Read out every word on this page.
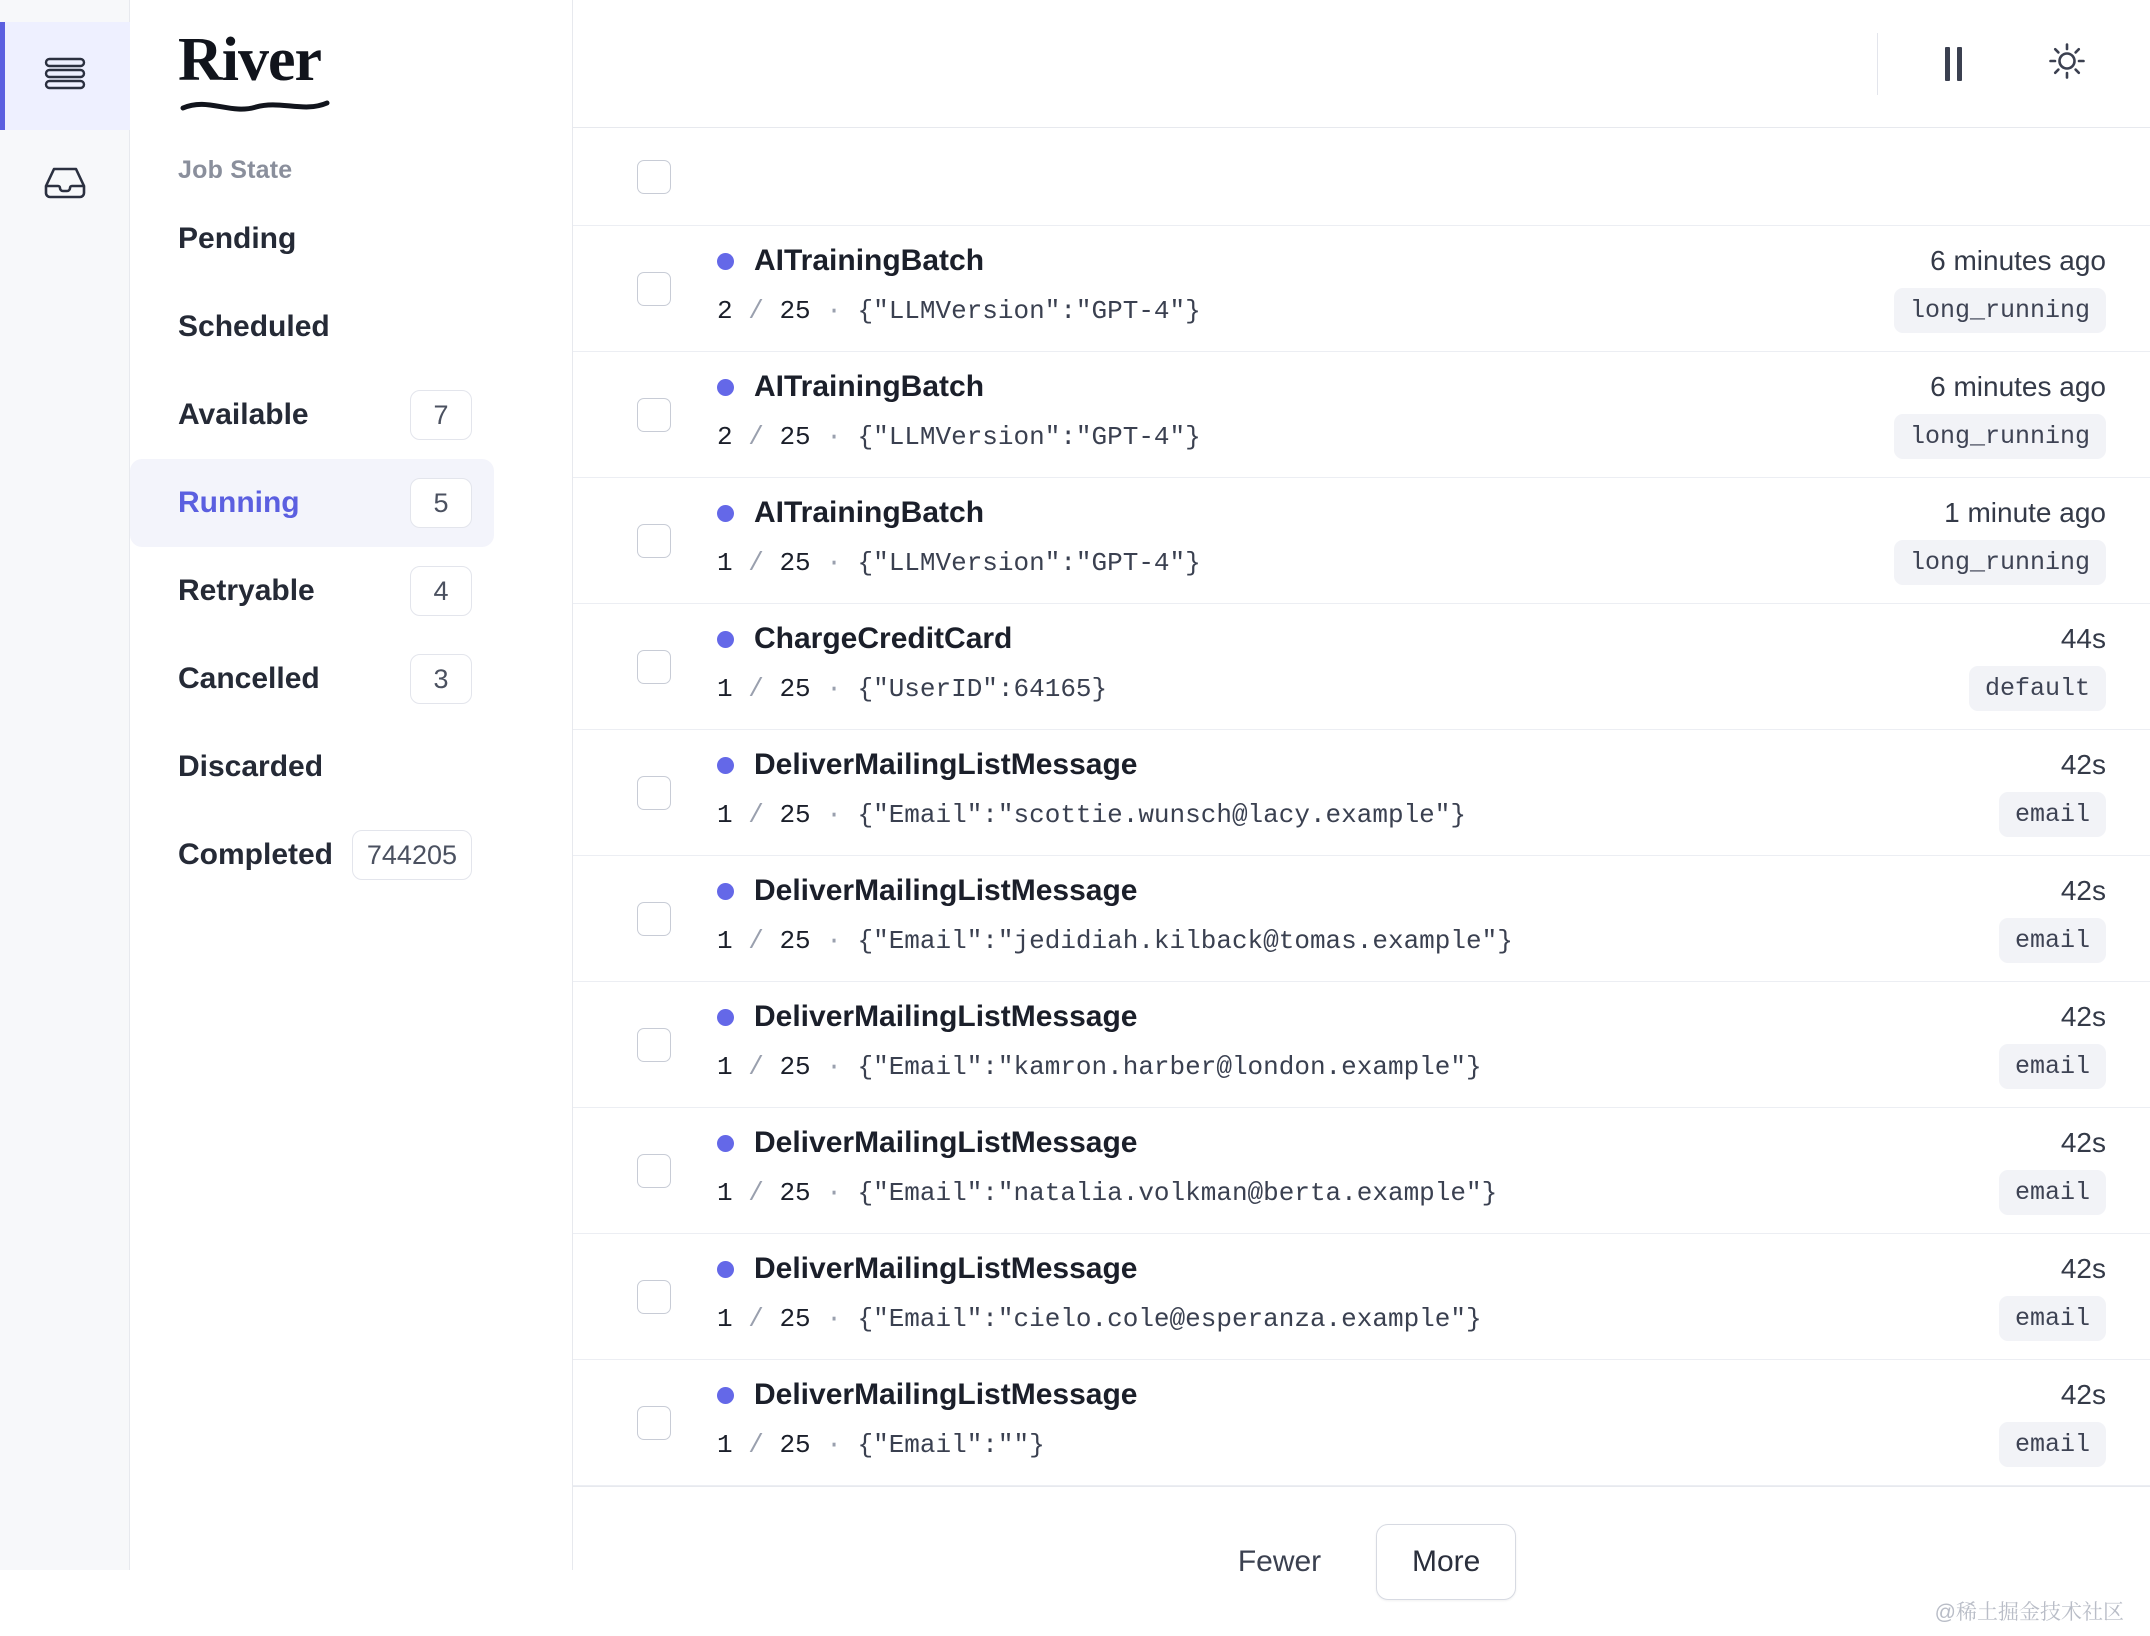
River
Job State
Pending
Scheduled
Available	7
Running	5
Retryable	4
Cancelled	3
Discarded
Completed	744205
AITrainingBatch	6 minutes ago
2 / 25 · {"LLMVersion":"GPT-4"}	long_running
AITrainingBatch	6 minutes ago
2 / 25 · {"LLMVersion":"GPT-4"}	long_running
AITrainingBatch	1 minute ago
1 / 25 · {"LLMVersion":"GPT-4"}	long_running
ChargeCreditCard	44s
1 / 25 · {"UserID":64165}	default
DeliverMailingListMessage	42s
1 / 25 · {"Email":"scottie.wunsch@lacy.example"}	email
DeliverMailingListMessage	42s
1 / 25 · {"Email":"jedidiah.kilback@tomas.example"}	email
DeliverMailingListMessage	42s
1 / 25 · {"Email":"kamron.harber@london.example"}	email
DeliverMailingListMessage	42s
1 / 25 · {"Email":"natalia.volkman@berta.example"}	email
DeliverMailingListMessage	42s
1 / 25 · {"Email":"cielo.cole@esperanza.example"}	email
DeliverMailingListMessage	42s
1 / 25 · {"Email":""}	email
Fewer	More
@稀土掘金技术社区
